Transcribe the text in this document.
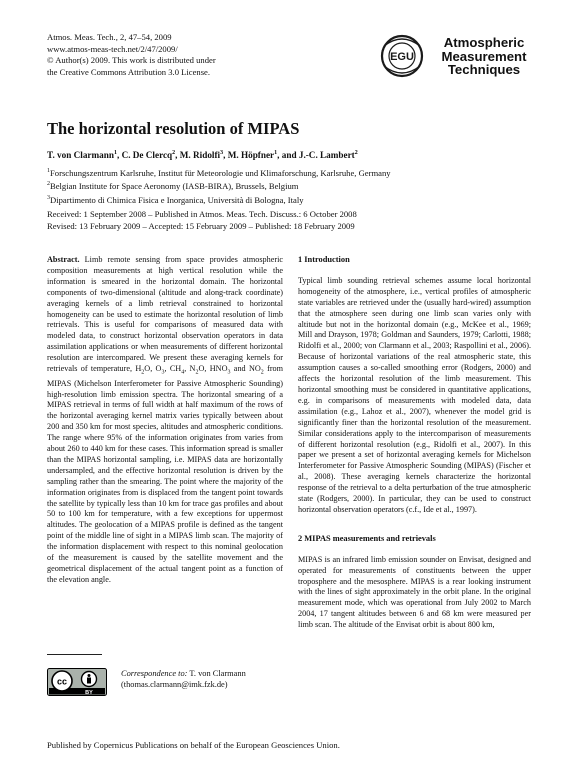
Atmos. Meas. Tech., 2, 47–54, 2009
www.atmos-meas-tech.net/2/47/2009/
© Author(s) 2009. This work is distributed under
the Creative Commons Attribution 3.0 License.
EGU
Atmospheric
Measurement
Techniques
The horizontal resolution of MIPAS
T. von Clarmann$^1$, C. De Clercq$^2$, M. Ridolfi$^3$, M. Höpfner$^1$, and J.-C. Lambert$^2$
$^1$Forschungszentrum Karlsruhe, Institut für Meteorologie und Klimaforschung, Karlsruhe, Germany
$^2$Belgian Institute for Space Aeronomy (IASB-BIRA), Brussels, Belgium
$^3$Dipartimento di Chimica Fisica e Inorganica, Università di Bologna, Italy
Received: 1 September 2008 – Published in Atmos. Meas. Tech. Discuss.: 6 October 2008
Revised: 13 February 2009 – Accepted: 15 February 2009 – Published: 18 February 2009

Abstract. Limb remote sensing from space provides atmospheric composition measurements at high vertical resolution while the information is smeared in the horizontal domain. The horizontal components of two-dimensional (altitude and along-track coordinate) averaging kernels of a limb retrieval constrained to horizontal homogeneity can be used to estimate the horizontal resolution of limb retrievals. This is useful for comparisons of measured data with modeled data, to construct horizontal observation operators in data assimilation applications or when measurements of different horizontal resolution are intercompared. We present these averaging kernels for retrievals of temperature, $H_2O$, $O_3$, $CH_4$, $N_2O$, $HNO_3$ and $NO_2$ from MIPAS (Michelson Interferometer for Passive Atmospheric Sounding) high-resolution limb emission spectra. The horizontal smearing of a MIPAS retrieval in terms of full width at half maximum of the rows of the horizontal averaging kernel matrix varies typically between about 200 and 350 km for most species, altitudes and atmospheric conditions. The range where 95% of the information originates from varies from about 260 to 440 km for these cases. This information spread is smaller than the MIPAS horizontal sampling, i.e. MIPAS data are horizontally undersampled, and the effective horizontal resolution is driven by the sampling rather than the smearing. The point where the majority of the information originates from is displaced from the tangent point towards the satellite by typically less than 10 km for trace gas profiles and about 50 to 100 km for temperature, with a few exceptions for uppermost altitudes. The geolocation of a MIPAS profile is defined as the tangent point of the middle line of sight in a MIPAS limb scan. The majority of the information displacement with respect to this nominal geolocation of the measurement is caused by the satellite movement and the geometrical displacement of the actual tangent point as a function of the elevation angle.

cc
BY
Correspondence to: T. von Clarmann
(thomas.clarmann@imk.fzk.de)
1 Introduction

Typical limb sounding retrieval schemes assume local horizontal homogeneity of the atmosphere, i.e., vertical profiles of atmospheric state variables are retrieved under the (usually hard-wired) assumption that the atmosphere seen during one limb scan varies only with altitude but not in the horizontal domain (e.g., McKee et al., 1969; Mill and Drayson, 1978; Goldman and Saunders, 1979; Carlotti, 1988; Ridolfi et al., 2000; von Clarmann et al., 2003; Raspollini et al., 2006). Because of horizontal variations of the real atmospheric state, this assumption causes a so-called smoothing error (Rodgers, 2000) and affects the horizontal resolution of the limb measurement. This horizontal smoothing must be considered in quantitative applications, e.g. in comparisons of measurements with modeled data, data assimilation (e.g., Lahoz et al., 2007), whenever the model grid is significantly finer than the horizontal resolution of the measurement. Similar considerations apply to the intercomparison of measurements of different horizontal resolution (e.g., Ridolfi et al., 2007). In this paper we present a set of horizontal averaging kernels for Michelson Interferometer for Passive Atmospheric Sounding (MIPAS) (Fischer et al., 2008). These averaging kernels characterize the horizontal response of the retrieval to a delta perturbation of the true atmospheric state (Rodgers, 2000). In particular, they can be used to construct horizontal observation operators (c.f., Ide et al., 1997).

2 MIPAS measurements and retrievals

MIPAS is an infrared limb emission sounder on Envisat, designed and operated for measurements of constituents between the upper troposphere and the mesosphere. MIPAS is a rear looking instrument with the lines of sight approximately in the orbit plane. In the original measurement mode, which was operational from July 2002 to March 2004, 17 tangent altitudes between 6 and 68 km were measured per limb scan. The altitude of the Envisat orbit is about 800 km,

Published by Copernicus Publications on behalf of the European Geosciences Union.
